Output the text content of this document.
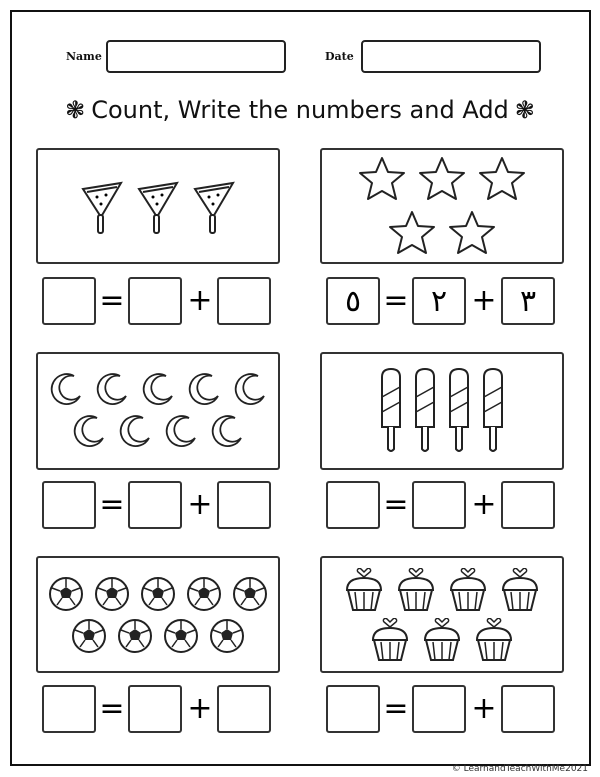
Name	Date
❃ Count, Write the numbers and Add ❃
= +	٥	٢	٣
= +
= +	= +
= +	= +
© LearnandTeachWithMe2021
